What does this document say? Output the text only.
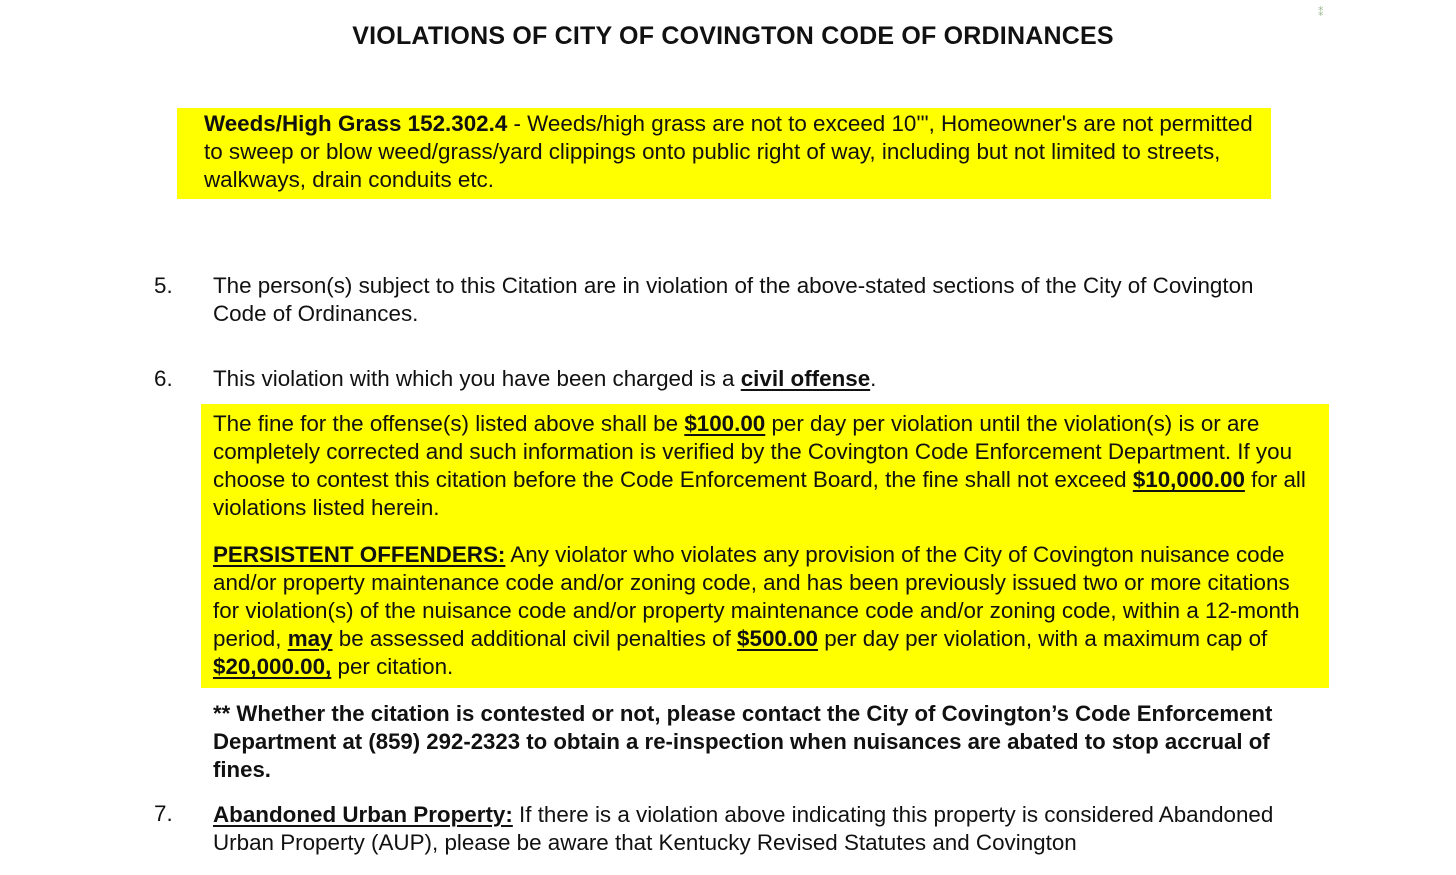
VIOLATIONS OF CITY OF COVINGTON CODE OF ORDINANCES
Weeds/High Grass 152.302.4 - Weeds/high grass are not to exceed 10'", Homeowner's are not permitted to sweep or blow weed/grass/yard clippings onto public right of way, including but not limited to streets, walkways, drain conduits etc.
5. The person(s) subject to this Citation are in violation of the above-stated sections of the City of Covington Code of Ordinances.
6. This violation with which you have been charged is a civil offense.
The fine for the offense(s) listed above shall be $100.00 per day per violation until the violation(s) is or are completely corrected and such information is verified by the Covington Code Enforcement Department. If you choose to contest this citation before the Code Enforcement Board, the fine shall not exceed $10,000.00 for all violations listed herein.
PERSISTENT OFFENDERS: Any violator who violates any provision of the City of Covington nuisance code and/or property maintenance code and/or zoning code, and has been previously issued two or more citations for violation(s) of the nuisance code and/or property maintenance code and/or zoning code, within a 12-month period, may be assessed additional civil penalties of $500.00 per day per violation, with a maximum cap of $20,000.00, per citation.
** Whether the citation is contested or not, please contact the City of Covington’s Code Enforcement Department at (859) 292-2323 to obtain a re-inspection when nuisances are abated to stop accrual of fines.
7. Abandoned Urban Property: If there is a violation above indicating this property is considered Abandoned Urban Property (AUP), please be aware that Kentucky Revised Statutes and Covington
⁑
